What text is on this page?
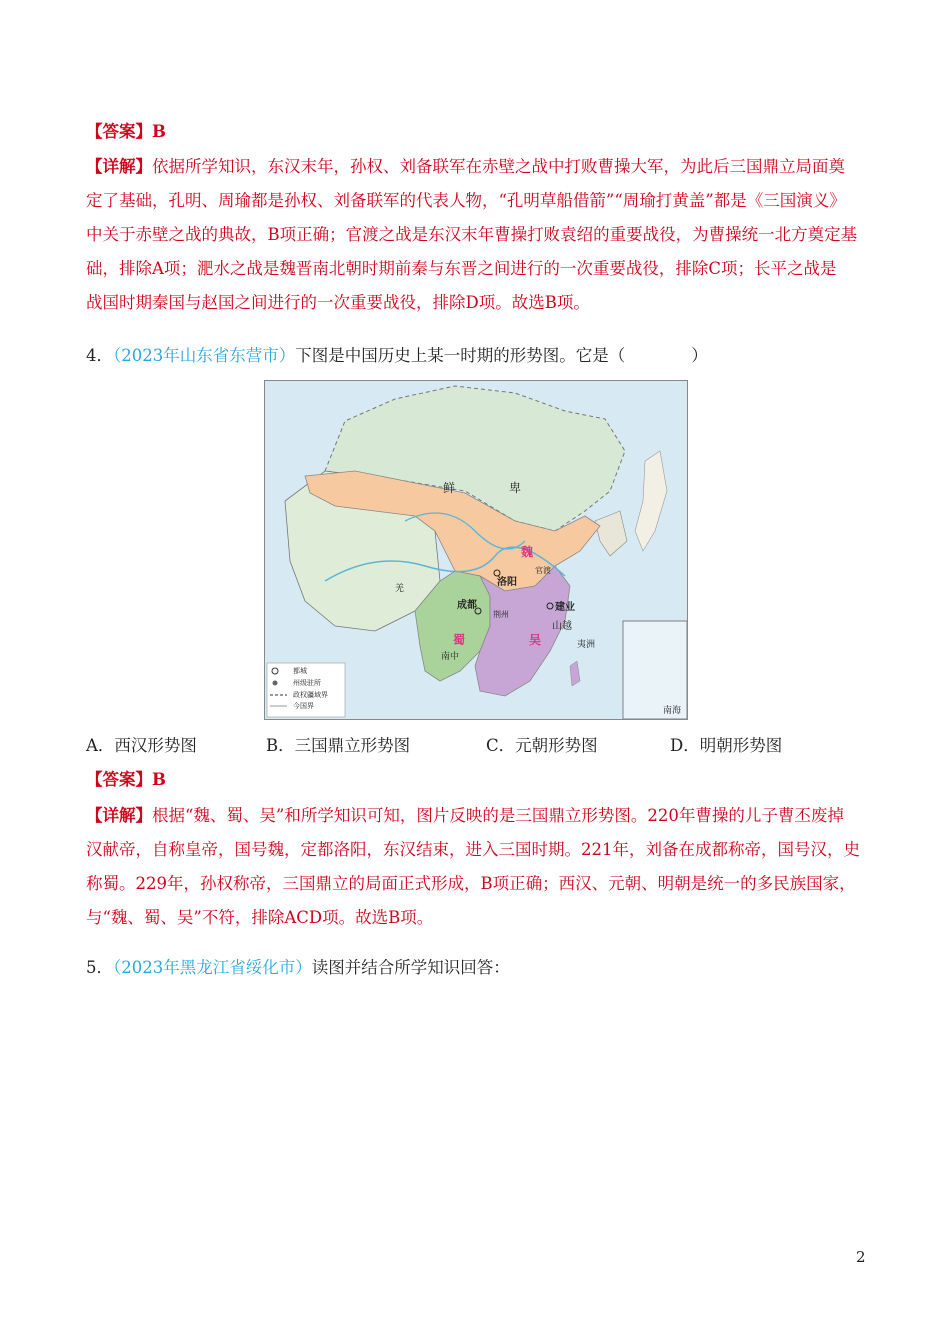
【答案】B
【详解】依据所学知识，东汉末年，孙权、刘备联军在赤壁之战中打败曹操大军，为此后三国鼎立局面奠
定了基础，孔明、周瑜都是孙权、刘备联军的代表人物，“孔明草船借箭”“周瑜打黄盖”都是《三国演义》
中关于赤壁之战的典故，B项正确；官渡之战是东汉末年曹操打败袁绍的重要战役，为曹操统一北方奠定基
础，排除A项；淝水之战是魏晋南北朝时期前秦与东晋之间进行的一次重要战役，排除C项；长平之战是
战国时期秦国与赵国之间进行的一次重要战役，排除D项。故选B项。
4．（2023年山东省东营市）下图是中国历史上某一时期的形势图。它是（　　　　）
鲜	卑
魏
洛阳
官渡
成都	建业
蜀	吴
山越
南中
荆州
羌
南海
夷洲
都城
州级驻所
政权疆域界
今国界
A．西汉形势图	B．三国鼎立形势图	C．元朝形势图	D．明朝形势图
【答案】B
【详解】根据“魏、蜀、吴”和所学知识可知，图片反映的是三国鼎立形势图。220年曹操的儿子曹丕废掉
汉献帝，自称皇帝，国号魏，定都洛阳，东汉结束，进入三国时期。221年，刘备在成都称帝，国号汉，史
称蜀。229年，孙权称帝，三国鼎立的局面正式形成，B项正确；西汉、元朝、明朝是统一的多民族国家，
与“魏、蜀、吴”不符，排除ACD项。故选B项。
5．（2023年黑龙江省绥化市）读图并结合所学知识回答：
2
